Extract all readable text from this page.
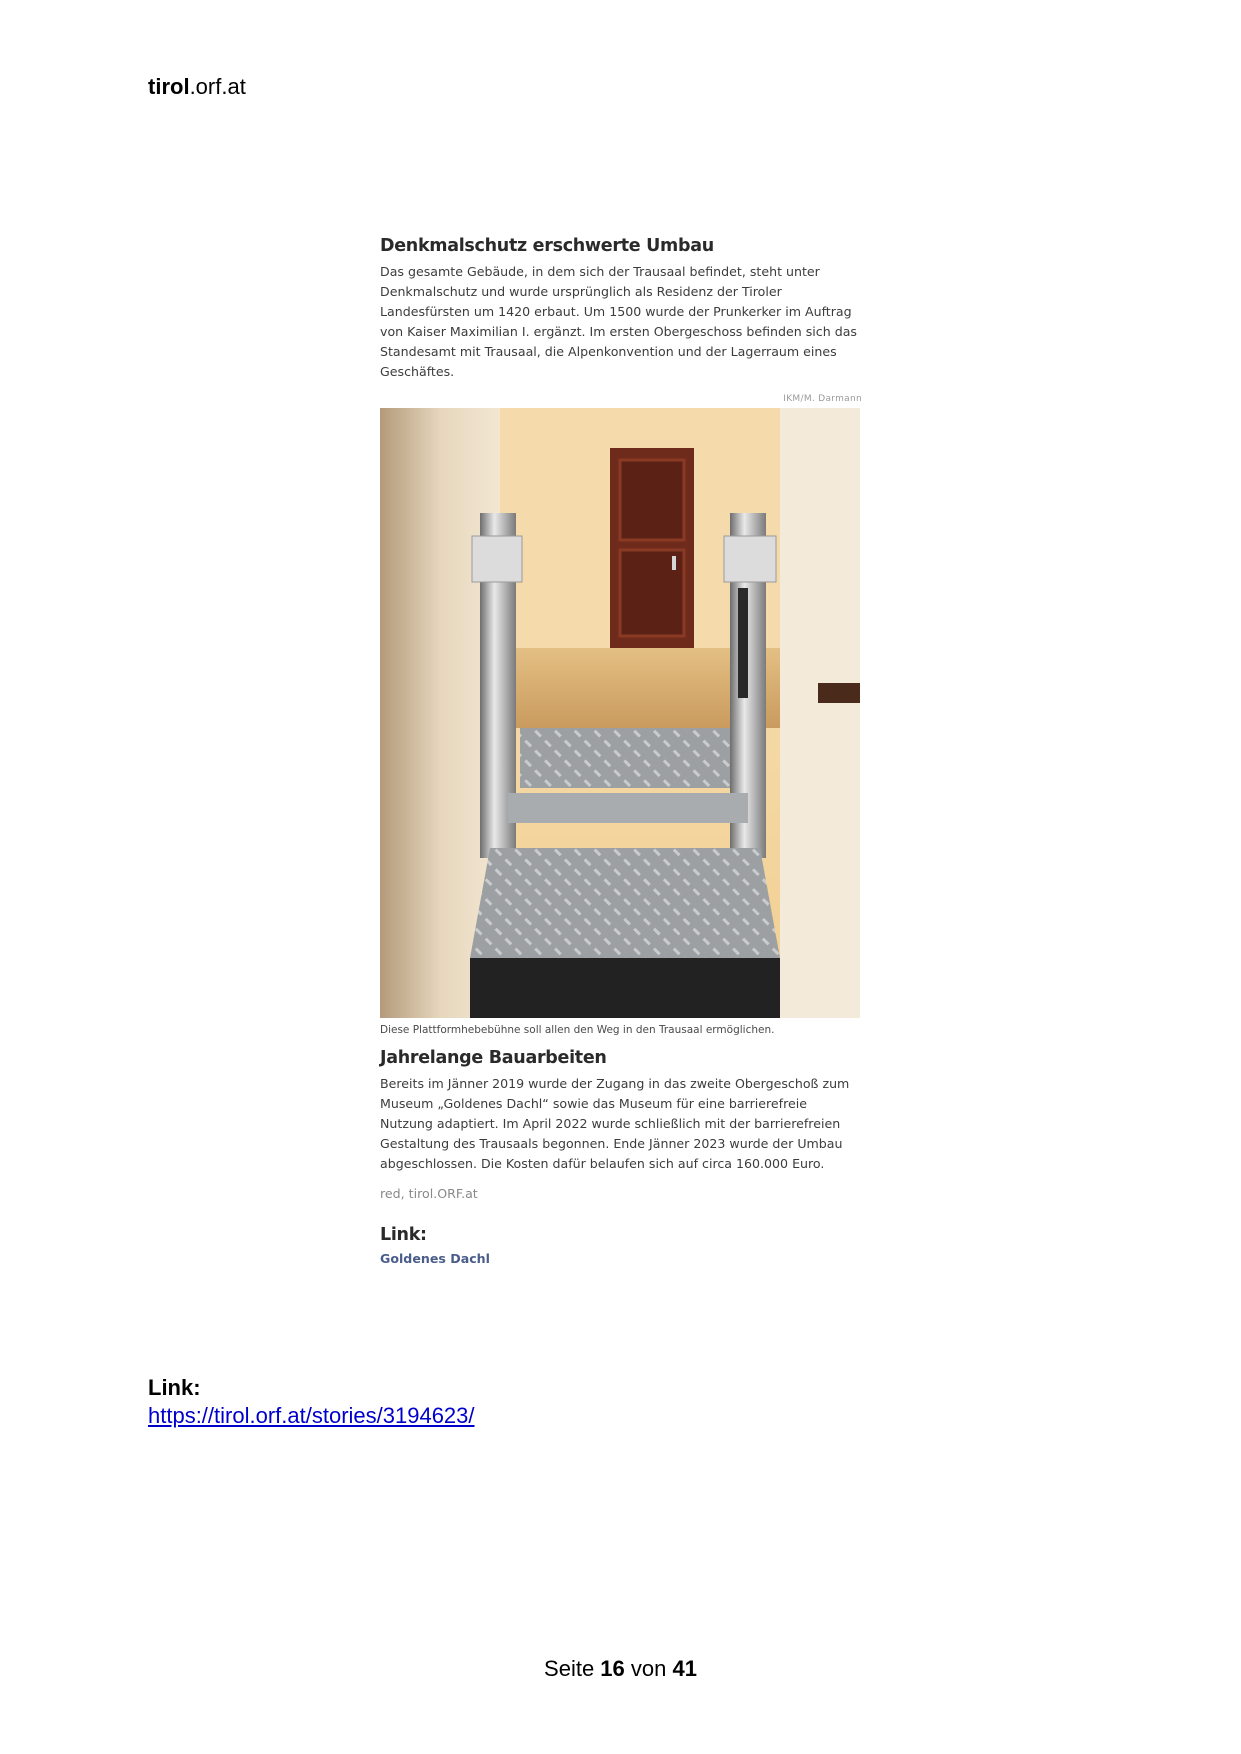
tirol.orf.at

Denkmalschutz erschwerte Umbau

Das gesamte Gebäude, in dem sich der Trausaal befindet, steht unter Denkmalschutz und wurde ursprünglich als Residenz der Tiroler Landesfürsten um 1420 erbaut. Um 1500 wurde der Prunkerker im Auftrag von Kaiser Maximilian I. ergänzt. Im ersten Obergeschoss befinden sich das Standesamt mit Trausaal, die Alpenkonvention und der Lagerraum eines Geschäftes.

IKM/M. Darmann
Diese Plattformhebebühne soll allen den Weg in den Trausaal ermöglichen.

Jahrelange Bauarbeiten

Bereits im Jänner 2019 wurde der Zugang in das zweite Obergeschoß zum Museum „Goldenes Dachl“ sowie das Museum für eine barrierefreie Nutzung adaptiert. Im April 2022 wurde schließlich mit der barrierefreien Gestaltung des Trausaals begonnen. Ende Jänner 2023 wurde der Umbau abgeschlossen. Die Kosten dafür belaufen sich auf circa 160.000 Euro.

red, tirol.ORF.at

Link:

Goldenes Dachl
Link:
https://tirol.orf.at/stories/3194623/
Seite 16 von 41
